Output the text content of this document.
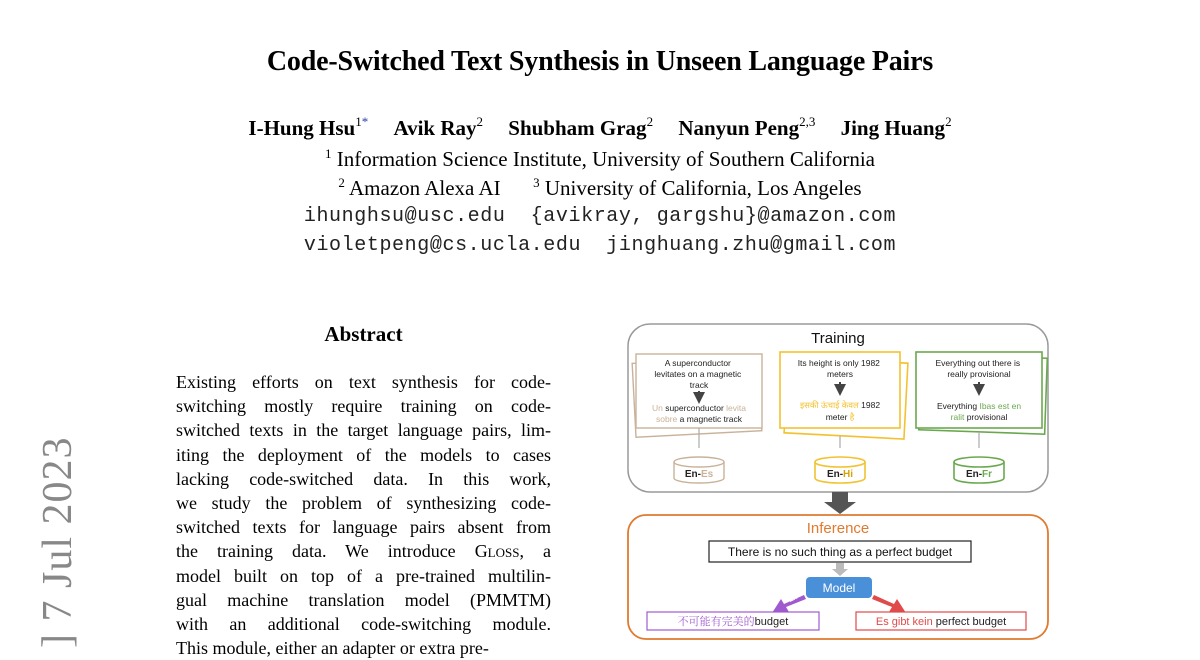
Code-Switched Text Synthesis in Unseen Language Pairs
I-Hung Hsu$^{1*}$ Avik Ray$^2$ Shubham Grag$^2$ Nanyun Peng$^{2,3}$ Jing Huang$^2$
$^1$ Information Science Institute, University of Southern California
$^2$ Amazon Alexa AI	$^3$ University of California, Los Angeles
ihunghsu@usc.edu  {avikray, gargshu}@amazon.com
violetpeng@cs.ucla.edu  jinghuang.zhu@gmail.com
] 7 Jul 2023
Abstract
Existing efforts on text synthesis for code-
switching mostly require training on code-
switched texts in the target language pairs, lim-
iting the deployment of the models to cases
lacking code-switched data. In this work,
we study the problem of synthesizing code-
switched texts for language pairs absent from
the training data. We introduce Gloss, a
model built on top of a pre-trained multilin-
gual machine translation model (PMMTM)
with an additional code-switching module.
This module, either an adapter or extra pre-
Training
A superconductor levitates on a magnetic track
Un superconductor levita
sobre a magnetic track
Its height is only 1982 meters
इसकी ऊंचाई केवल 1982
meter है
Everything out there is really provisional
Everything Ibas est en
ralit provisional
En-Es	En-Hi	En-Fr
Inference
There is no such thing as a perfect budget
Model
Zh	De
不可能有完美的budget	Es gibt kein perfect budget
